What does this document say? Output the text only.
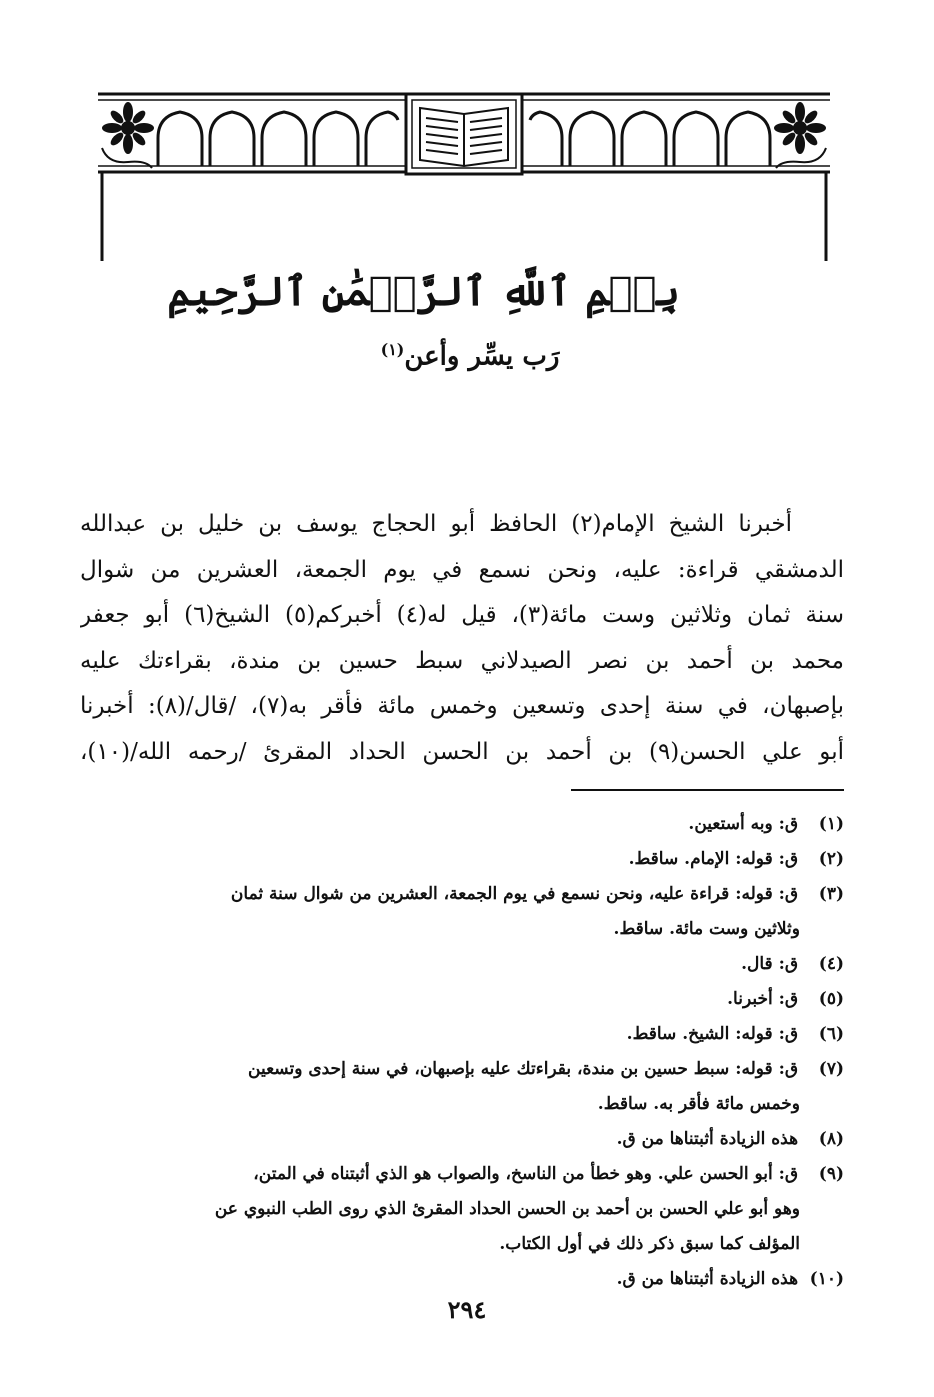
بِسۡمِ ٱللَّهِ ٱلرَّحۡمَٰنِ ٱلرَّحِيمِ
رَب يسِّر وأعن$^{(١)}$
أخبرنا الشيخ الإمام(٢) الحافظ أبو الحجاج يوسف بن خليل بن عبدالله
الدمشقي قراءة: عليه، ونحن نسمع في يوم الجمعة، العشرين من شوال
سنة ثمان وثلاثين وست مائة(٣)، قيل له(٤) أخبركم(٥) الشيخ(٦) أبو جعفر
محمد بن أحمد بن نصر الصيدلاني سبط حسين بن مندة، بقراءتك عليه
بإصبهان، في سنة إحدى وتسعين وخمس مائة فأقر به(٧)، /قال/(٨): أخبرنا
أبو علي الحسن(٩) بن أحمد بن الحسن الحداد المقرئ /رحمه الله/(١٠)،
(١) ق: وبه أستعين.
(٢) ق: قوله: الإمام. ساقط.
(٣) ق: قوله: قراءة عليه، ونحن نسمع في يوم الجمعة، العشرين من شوال سنة ثمان
وثلاثين وست مائة. ساقط.
(٤) ق: قال.
(٥) ق: أخبرنا.
(٦) ق: قوله: الشيخ. ساقط.
(٧) ق: قوله: سبط حسين بن مندة، بقراءتك عليه بإصبهان، في سنة إحدى وتسعين
وخمس مائة فأقر به. ساقط.
(٨) هذه الزيادة أثبتناها من ق.
(٩) ق: أبو الحسن علي. وهو خطأ من الناسخ، والصواب هو الذي أثبتناه في المتن،
وهو أبو علي الحسن بن أحمد بن الحسن الحداد المقرئ الذي روى الطب النبوي عن
المؤلف كما سبق ذكر ذلك في أول الكتاب.
(١٠) هذه الزيادة أثبتناها من ق.
٢٩٤
